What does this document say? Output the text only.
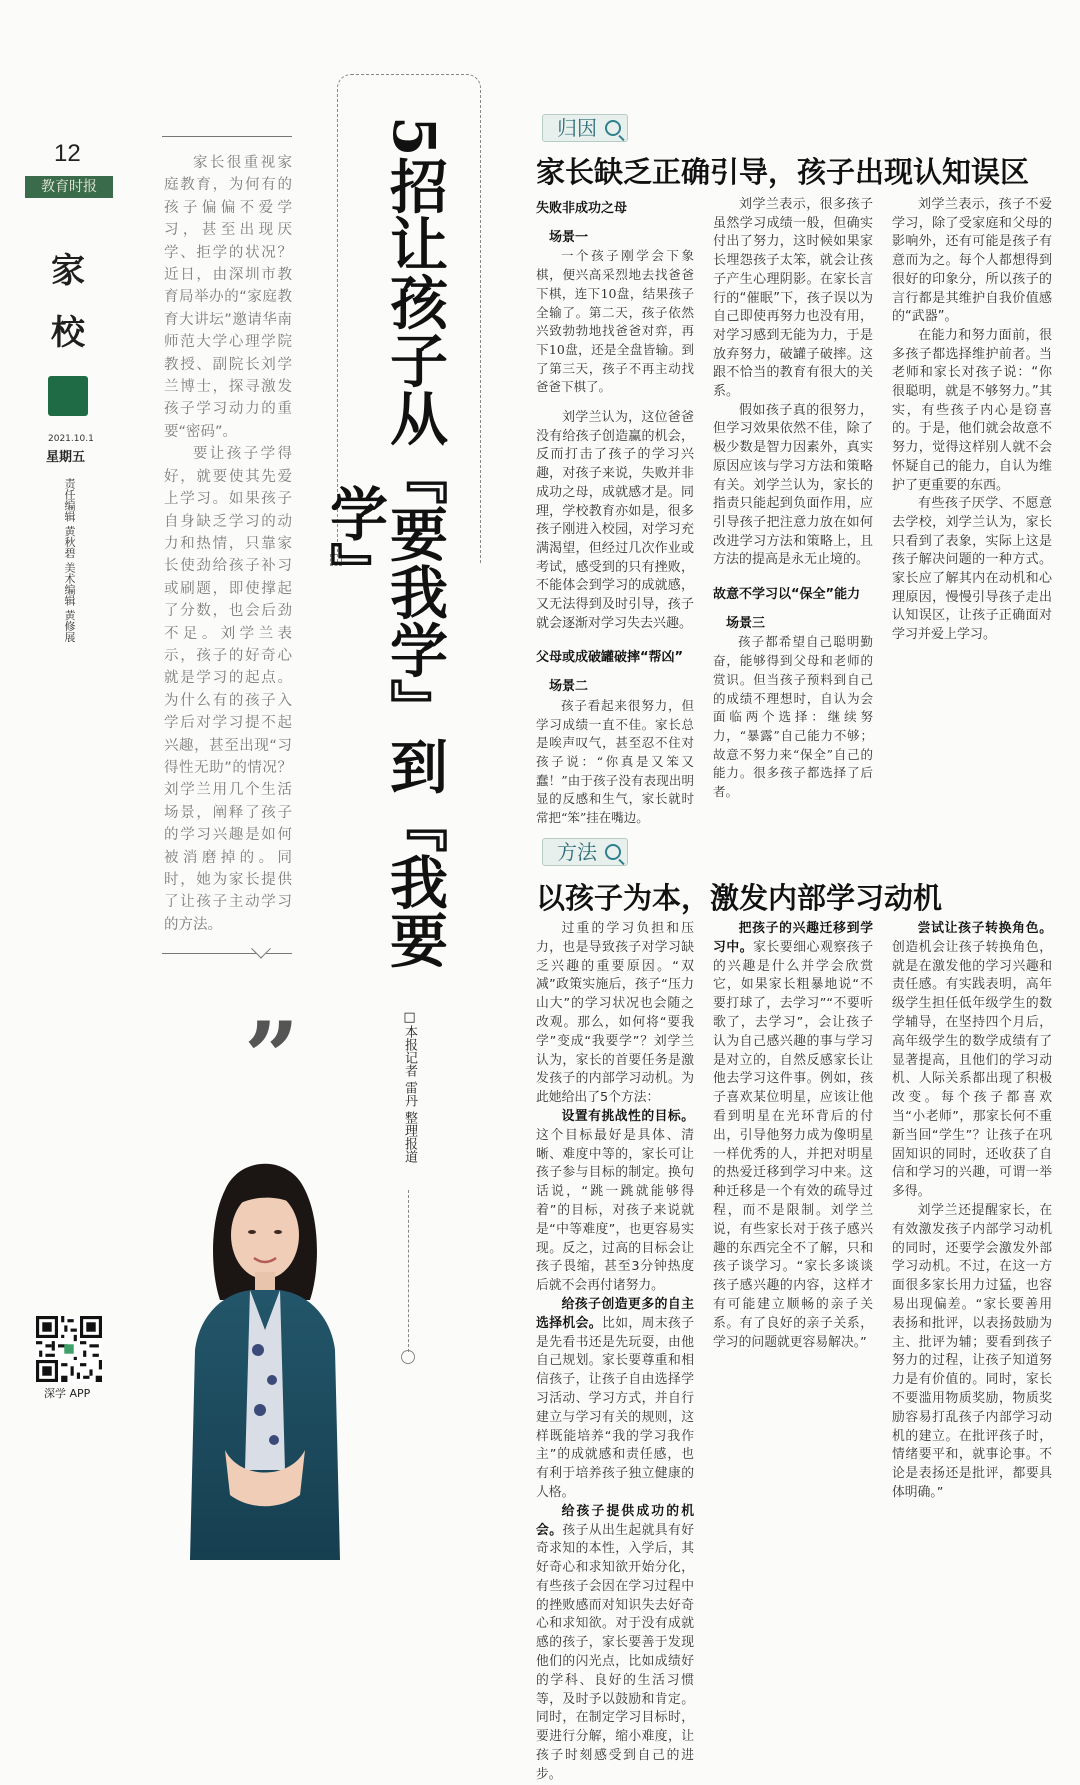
12
教育时报
家
校
2021.10.1
星期五
责任编辑 黄秋碧 美术编辑 黄修展
深学 APP

家长很重视家庭教育，为何有的孩子偏偏不爱学习，甚至出现厌学、拒学的状况？近日，由深圳市教育局举办的“家庭教育大讲坛”邀请华南师范大学心理学院教授、副院长刘学兰博士，探寻激发孩子学习动力的重要“密码”。

要让孩子学得好，就要使其先爱上学习。如果孩子自身缺乏学习的动力和热情，只靠家长使劲给孩子补习或刷题，即使撑起了分数，也会后劲不足。刘学兰表示，孩子的好奇心就是学习的起点。为什么有的孩子入学后对学习提不起兴趣，甚至出现“习得性无助”的情况？刘学兰用几个生活场景，阐释了孩子的学习兴趣是如何被消磨掉的。同时，她为家长提供了让孩子主动学习的方法。

”
5招让孩子从『要我学』到『我要学』
□本报记者 雷丹 整理报道
归因
家长缺乏正确引导，孩子出现认知误区
失败非成功之母
场景一

一个孩子刚学会下象棋，便兴高采烈地去找爸爸下棋，连下10盘，结果孩子全输了。第二天，孩子依然兴致勃勃地找爸爸对弈，再下10盘，还是全盘皆输。到了第三天，孩子不再主动找爸爸下棋了。

刘学兰认为，这位爸爸没有给孩子创造赢的机会，反而打击了孩子的学习兴趣，对孩子来说，失败并非成功之母，成就感才是。同理，学校教育亦如是，很多孩子刚进入校园，对学习充满渴望，但经过几次作业或考试，感受到的只有挫败，不能体会到学习的成就感，又无法得到及时引导，孩子就会逐渐对学习失去兴趣。

父母或成破罐破摔“帮凶”
场景二

孩子看起来很努力，但学习成绩一直不佳。家长总是唉声叹气，甚至忍不住对孩子说：“你真是又笨又蠢！”由于孩子没有表现出明显的反感和生气，家长就时常把“笨”挂在嘴边。

刘学兰表示，很多孩子虽然学习成绩一般，但确实付出了努力，这时候如果家长埋怨孩子太笨，就会让孩子产生心理阴影。在家长言行的“催眠”下，孩子误以为自己即使再努力也没有用，对学习感到无能为力，于是放弃努力，破罐子破摔。这跟不恰当的教育有很大的关系。

假如孩子真的很努力，但学习效果依然不佳，除了极少数是智力因素外，真实原因应该与学习方法和策略有关。刘学兰认为，家长的指责只能起到负面作用，应引导孩子把注意力放在如何改进学习方法和策略上，且方法的提高是永无止境的。

故意不学习以“保全”能力
场景三

孩子都希望自己聪明勤奋，能够得到父母和老师的赏识。但当孩子预料到自己的成绩不理想时，自认为会面临两个选择：继续努力，“暴露”自己能力不够；故意不努力来“保全”自己的能力。很多孩子都选择了后者。

刘学兰表示，孩子不爱学习，除了受家庭和父母的影响外，还有可能是孩子有意而为之。每个人都想得到很好的印象分，所以孩子的言行都是其维护自我价值感的“武器”。

在能力和努力面前，很多孩子都选择维护前者。当老师和家长对孩子说：“你很聪明，就是不够努力。”其实，有些孩子内心是窃喜的。于是，他们就会故意不努力，觉得这样别人就不会怀疑自己的能力，自认为维护了更重要的东西。

有些孩子厌学、不愿意去学校，刘学兰认为，家长只看到了表象，实际上这是孩子解决问题的一种方式。家长应了解其内在动机和心理原因，慢慢引导孩子走出认知误区，让孩子正确面对学习并爱上学习。

方法
以孩子为本，激发内部学习动机

过重的学习负担和压力，也是导致孩子对学习缺乏兴趣的重要原因。“双减”政策实施后，孩子“压力山大”的学习状况也会随之改观。那么，如何将“要我学”变成“我要学”？刘学兰认为，家长的首要任务是激发孩子的内部学习动机。为此她给出了5个方法：

设置有挑战性的目标。这个目标最好是具体、清晰、难度中等的，家长可让孩子参与目标的制定。换句话说，“跳一跳就能够得着”的目标，对孩子来说就是“中等难度”，也更容易实现。反之，过高的目标会让孩子畏缩，甚至3分钟热度后就不会再付诸努力。

给孩子创造更多的自主选择机会。比如，周末孩子是先看书还是先玩耍，由他自己规划。家长要尊重和相信孩子，让孩子自由选择学习活动、学习方式，并自行建立与学习有关的规则，这样既能培养“我的学习我作主”的成就感和责任感，也有利于培养孩子独立健康的人格。

给孩子提供成功的机会。孩子从出生起就具有好奇求知的本性，入学后，其好奇心和求知欲开始分化，有些孩子会因在学习过程中的挫败感而对知识失去好奇心和求知欲。对于没有成就感的孩子，家长要善于发现他们的闪光点，比如成绩好的学科、良好的生活习惯等，及时予以鼓励和肯定。同时，在制定学习目标时，要进行分解，缩小难度，让孩子时刻感受到自己的进步。

把孩子的兴趣迁移到学习中。家长要细心观察孩子的兴趣是什么并学会欣赏它，如果家长粗暴地说“不要打球了，去学习”“不要听歌了，去学习”，会让孩子认为自己感兴趣的事与学习是对立的，自然反感家长让他去学习这件事。例如，孩子喜欢某位明星，应该让他看到明星在光环背后的付出，引导他努力成为像明星一样优秀的人，并把对明星的热爱迁移到学习中来。这种迁移是一个有效的疏导过程，而不是限制。刘学兰说，有些家长对于孩子感兴趣的东西完全不了解，只和孩子谈学习。“家长多谈谈孩子感兴趣的内容，这样才有可能建立顺畅的亲子关系。有了良好的亲子关系，学习的问题就更容易解决。”

尝试让孩子转换角色。创造机会让孩子转换角色，就是在激发他的学习兴趣和责任感。有实践表明，高年级学生担任低年级学生的数学辅导，在坚持四个月后，高年级学生的数学成绩有了显著提高，且他们的学习动机、人际关系都出现了积极改变。每个孩子都喜欢当“小老师”，那家长何不重新当回“学生”？让孩子在巩固知识的同时，还收获了自信和学习的兴趣，可谓一举多得。

刘学兰还提醒家长，在有效激发孩子内部学习动机的同时，还要学会激发外部学习动机。不过，在这一方面很多家长用力过猛，也容易出现偏差。“家长要善用表扬和批评，以表扬鼓励为主、批评为辅；要看到孩子努力的过程，让孩子知道努力是有价值的。同时，家长不要滥用物质奖励，物质奖励容易打乱孩子内部学习动机的建立。在批评孩子时，情绪要平和，就事论事。不论是表扬还是批评，都要具体明确。”
